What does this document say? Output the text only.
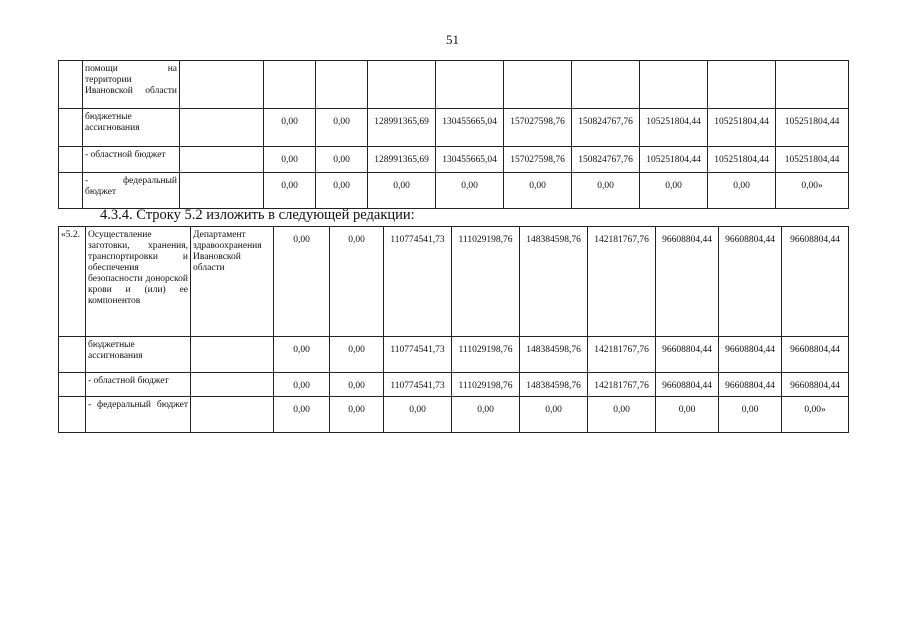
51
	помощи на территории Ивановской области										
	бюджетные ассигнования		0,00	0,00	128991365,69	130455665,04	157027598,76	150824767,76	105251804,44	105251804,44	105251804,44
	- областной бюджет		0,00	0,00	128991365,69	130455665,04	157027598,76	150824767,76	105251804,44	105251804,44	105251804,44
	- федеральный бюджет		0,00	0,00	0,00	0,00	0,00	0,00	0,00	0,00	0,00»
4.3.4. Строку 5.2 изложить в следующей редакции:
«5.2.	Осуществление заготовки, хранения, транспортировки и обеспечения безопасности донорской крови и (или) ее компонентов	Департамент здравоохранения Ивановской области	0,00	0,00	110774541,73	111029198,76	148384598,76	142181767,76	96608804,44	96608804,44	96608804,44
	бюджетные ассигнования		0,00	0,00	110774541,73	111029198,76	148384598,76	142181767,76	96608804,44	96608804,44	96608804,44
	- областной бюджет		0,00	0,00	110774541,73	111029198,76	148384598,76	142181767,76	96608804,44	96608804,44	96608804,44
	- федеральный бюджет		0,00	0,00	0,00	0,00	0,00	0,00	0,00	0,00	0,00»
